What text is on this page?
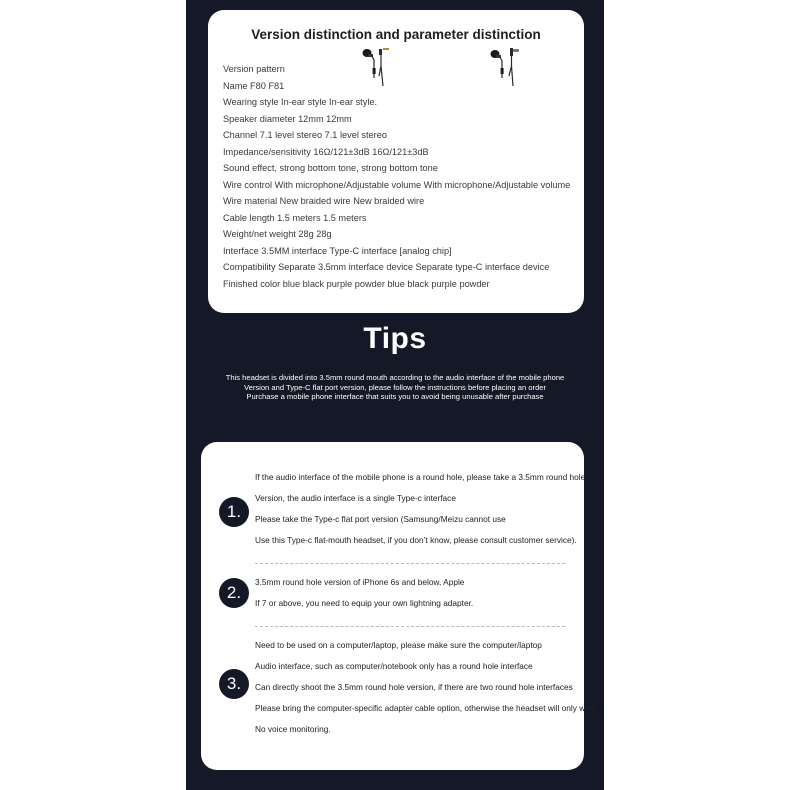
Version distinction and parameter distinction
Version pattern
Name F80 F81
Wearing style In-ear style In-ear style.
Speaker diameter 12mm 12mm
Channel 7.1 level stereo 7.1 level stereo
Impedance/sensitivity 16Ω/121±3dB 16Ω/121±3dB
Sound effect, strong bottom tone, strong bottom tone
Wire control With microphone/Adjustable volume With microphone/Adjustable volume
Wire material New braided wire New braided wire
Cable length 1.5 meters 1.5 meters
Weight/net weight 28g 28g
Interface 3.5MM interface Type-C interface [analog chip]
Compatibility Separate 3.5mm interface device Separate type-C interface device
Finished color blue black purple powder blue black purple powder
Tips
This headset is divided into 3.5mm round mouth according to the audio interface of the mobile phone
Version and Type-C flat port version, please follow the instructions before placing an order
Purchase a mobile phone interface that suits you to avoid being unusable after purchase
1.
If the audio interface of the mobile phone is a round hole, please take a 3.5mm round hole
Version, the audio interface is a single Type-c interface
Please take the Type-c flat port version (Samsung/Meizu cannot use
Use this Type-c flat-mouth headset, if you don’t know, please consult customer service).
2.
3.5mm round hole version of iPhone 6s and below, Apple
If 7 or above, you need to equip your own lightning adapter.
3.
Need to be used on a computer/laptop, please make sure the computer/laptop
Audio interface, such as computer/notebook only has a round hole interface
Can directly shoot the 3.5mm round hole version, if there are two round hole interfaces
Please bring the computer-specific adapter cable option, otherwise the headset will only work
No voice monitoring.
